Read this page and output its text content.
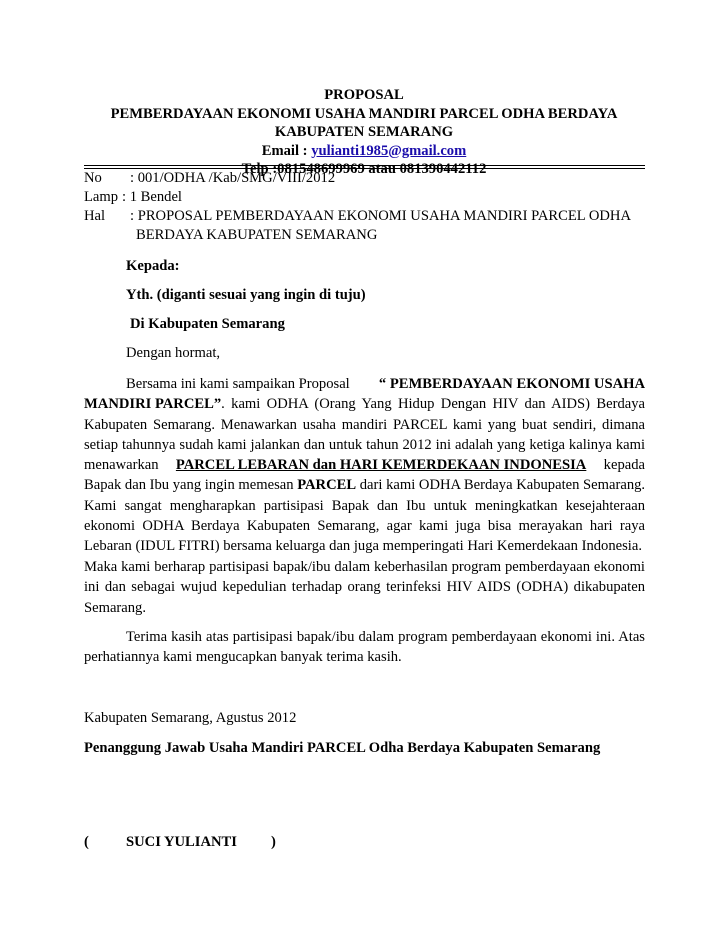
PROPOSAL
PEMBERDAYAAN EKONOMI USAHA MANDIRI PARCEL ODHA BERDAYA
KABUPATEN SEMARANG
Email : yulianti1985@gmail.com
Telp :081548699969 atau 081390442112
No : 001/ODHA /Kab/SMG/VIII/2012
Lamp : 1 Bendel
Hal : PROPOSAL PEMBERDAYAAN EKONOMI USAHA MANDIRI PARCEL ODHA
BERDAYA KABUPATEN SEMARANG
Kepada:
Yth. (diganti sesuai yang ingin di tuju)
Di Kabupaten Semarang
Dengan hormat,
Bersama ini kami sampaikan Proposal “ PEMBERDAYAAN EKONOMI USAHA
MANDIRI PARCEL” . kami ODHA (Orang Yang Hidup Dengan HIV dan AIDS) Berdaya
Kabupaten Semarang. Menawarkan usaha mandiri PARCEL kami yang buat sendiri, dimana
setiap tahunnya sudah kami jalankan dan untuk tahun 2012 ini adalah yang ketiga kalinya kami
menawarkan PARCEL LEBARAN dan HARI KEMERDEKAAN INDONESIA kepada
Bapak dan Ibu yang ingin memesan PARCEL dari kami ODHA Berdaya Kabupaten Semarang.
Kami sangat mengharapkan partisipasi Bapak dan Ibu untuk meningkatkan kesejahteraan
ekonomi ODHA Berdaya Kabupaten Semarang, agar kami juga bisa merayakan hari raya
Lebaran (IDUL FITRI) bersama keluarga dan juga memperingati Hari Kemerdekaan Indonesia.
Maka kami berharap partisipasi bapak/ibu dalam keberhasilan program pemberdayaan ekonomi
ini dan sebagai wujud kepedulian terhadap orang terinfeksi HIV AIDS (ODHA) dikabupaten
Semarang.
Terima kasih atas partisipasi bapak/ibu dalam program pemberdayaan ekonomi ini. Atas
perhatiannya kami mengucapkan banyak terima kasih.
Kabupaten Semarang, Agustus 2012
Penanggung Jawab Usaha Mandiri PARCEL Odha Berdaya Kabupaten Semarang
(	SUCI YULIANTI )
